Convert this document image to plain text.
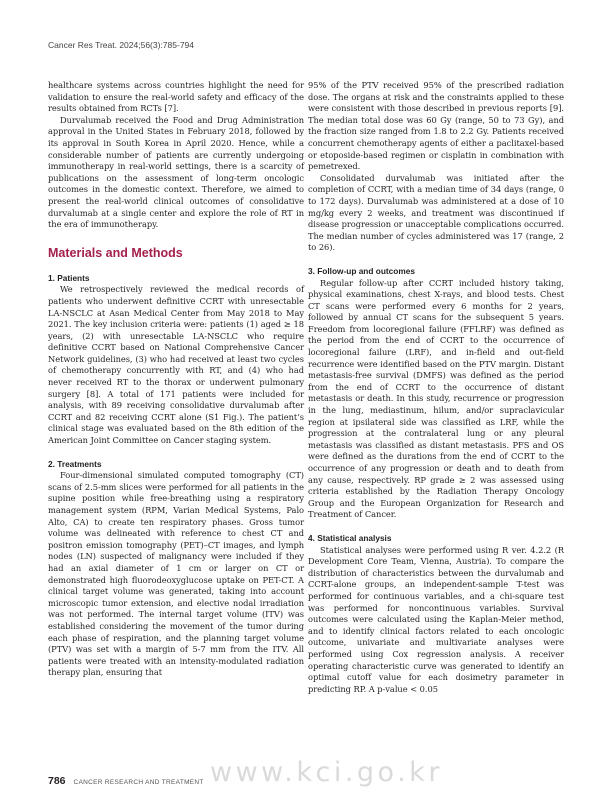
Cancer Res Treat. 2024;56(3):785-794

healthcare systems across countries highlight the need for validation to ensure the real-world safety and efficacy of the results obtained from RCTs [7].

Durvalumab received the Food and Drug Administration approval in the United States in February 2018, followed by its approval in South Korea in April 2020. Hence, while a considerable number of patients are currently undergoing immunotherapy in real-world settings, there is a scarcity of publications on the assessment of long-term oncologic outcomes in the domestic context. Therefore, we aimed to present the real-world clinical outcomes of consolidative durvalumab at a single center and explore the role of RT in the era of immunotherapy.

Materials and Methods
1. Patients

We retrospectively reviewed the medical records of patients who underwent definitive CCRT with unresectable LA-NSCLC at Asan Medical Center from May 2018 to May 2021. The key inclusion criteria were: patients (1) aged ≥ 18 years, (2) with unresectable LA-NSCLC who require definitive CCRT based on National Comprehensive Cancer Network guidelines, (3) who had received at least two cycles of chemotherapy concurrently with RT, and (4) who had never received RT to the thorax or underwent pulmonary surgery [8]. A total of 171 patients were included for analysis, with 89 receiving consolidative durvalumab after CCRT and 82 receiving CCRT alone (S1 Fig.). The patient’s clinical stage was evaluated based on the 8th edition of the American Joint Committee on Cancer staging system.

2. Treatments

Four-dimensional simulated computed tomography (CT) scans of 2.5-mm slices were performed for all patients in the supine position while free-breathing using a respiratory management system (RPM, Varian Medical Systems, Palo Alto, CA) to create ten respiratory phases. Gross tumor volume was delineated with reference to chest CT and positron emission tomography (PET)–CT images, and lymph nodes (LN) suspected of malignancy were included if they had an axial diameter of 1 cm or larger on CT or demonstrated high fluorodeoxyglucose uptake on PET-CT. A clinical target volume was generated, taking into account microscopic tumor extension, and elective nodal irradiation was not performed. The internal target volume (ITV) was established considering the movement of the tumor during each phase of respiration, and the planning target volume (PTV) was set with a margin of 5-7 mm from the ITV. All patients were treated with an intensity-modulated radiation therapy plan, ensuring that

95% of the PTV received 95% of the prescribed radiation dose. The organs at risk and the constraints applied to these were consistent with those described in previous reports [9]. The median total dose was 60 Gy (range, 50 to 73 Gy), and the fraction size ranged from 1.8 to 2.2 Gy. Patients received concurrent chemotherapy agents of either a paclitaxel-based or etoposide-based regimen or cisplatin in combination with pemetrexed.

Consolidated durvalumab was initiated after the completion of CCRT, with a median time of 34 days (range, 0 to 172 days). Durvalumab was administered at a dose of 10 mg/kg every 2 weeks, and treatment was discontinued if disease progression or unacceptable complications occurred. The median number of cycles administered was 17 (range, 2 to 26).

3. Follow-up and outcomes

Regular follow-up after CCRT included history taking, physical examinations, chest X-rays, and blood tests. Chest CT scans were performed every 6 months for 2 years, followed by annual CT scans for the subsequent 5 years. Freedom from locoregional failure (FFLRF) was defined as the period from the end of CCRT to the occurrence of locoregional failure (LRF), and in-field and out-field recurrence were identified based on the PTV margin. Distant metastasis-free survival (DMFS) was defined as the period from the end of CCRT to the occurrence of distant metastasis or death. In this study, recurrence or progression in the lung, mediastinum, hilum, and/or supraclavicular region at ipsilateral side was classified as LRF, while the progression at the contralateral lung or any pleural metastasis was classified as distant metastasis. PFS and OS were defined as the durations from the end of CCRT to the occurrence of any progression or death and to death from any cause, respectively. RP grade ≥ 2 was assessed using criteria established by the Radiation Therapy Oncology Group and the European Organization for Research and Treatment of Cancer.

4. Statistical analysis

Statistical analyses were performed using R ver. 4.2.2 (R Development Core Team, Vienna, Austria). To compare the distribution of characteristics between the durvalumab and CCRT-alone groups, an independent-sample T-test was performed for continuous variables, and a chi-square test was performed for noncontinuous variables. Survival outcomes were calculated using the Kaplan-Meier method, and to identify clinical factors related to each oncologic outcome, univariate and multivariate analyses were performed using Cox regression analysis. A receiver operating characteristic curve was generated to identify an optimal cutoff value for each dosimetry parameter in predicting RP. A p-value < 0.05

www.kci.go.kr
786 CANCER RESEARCH AND TREATMENT
